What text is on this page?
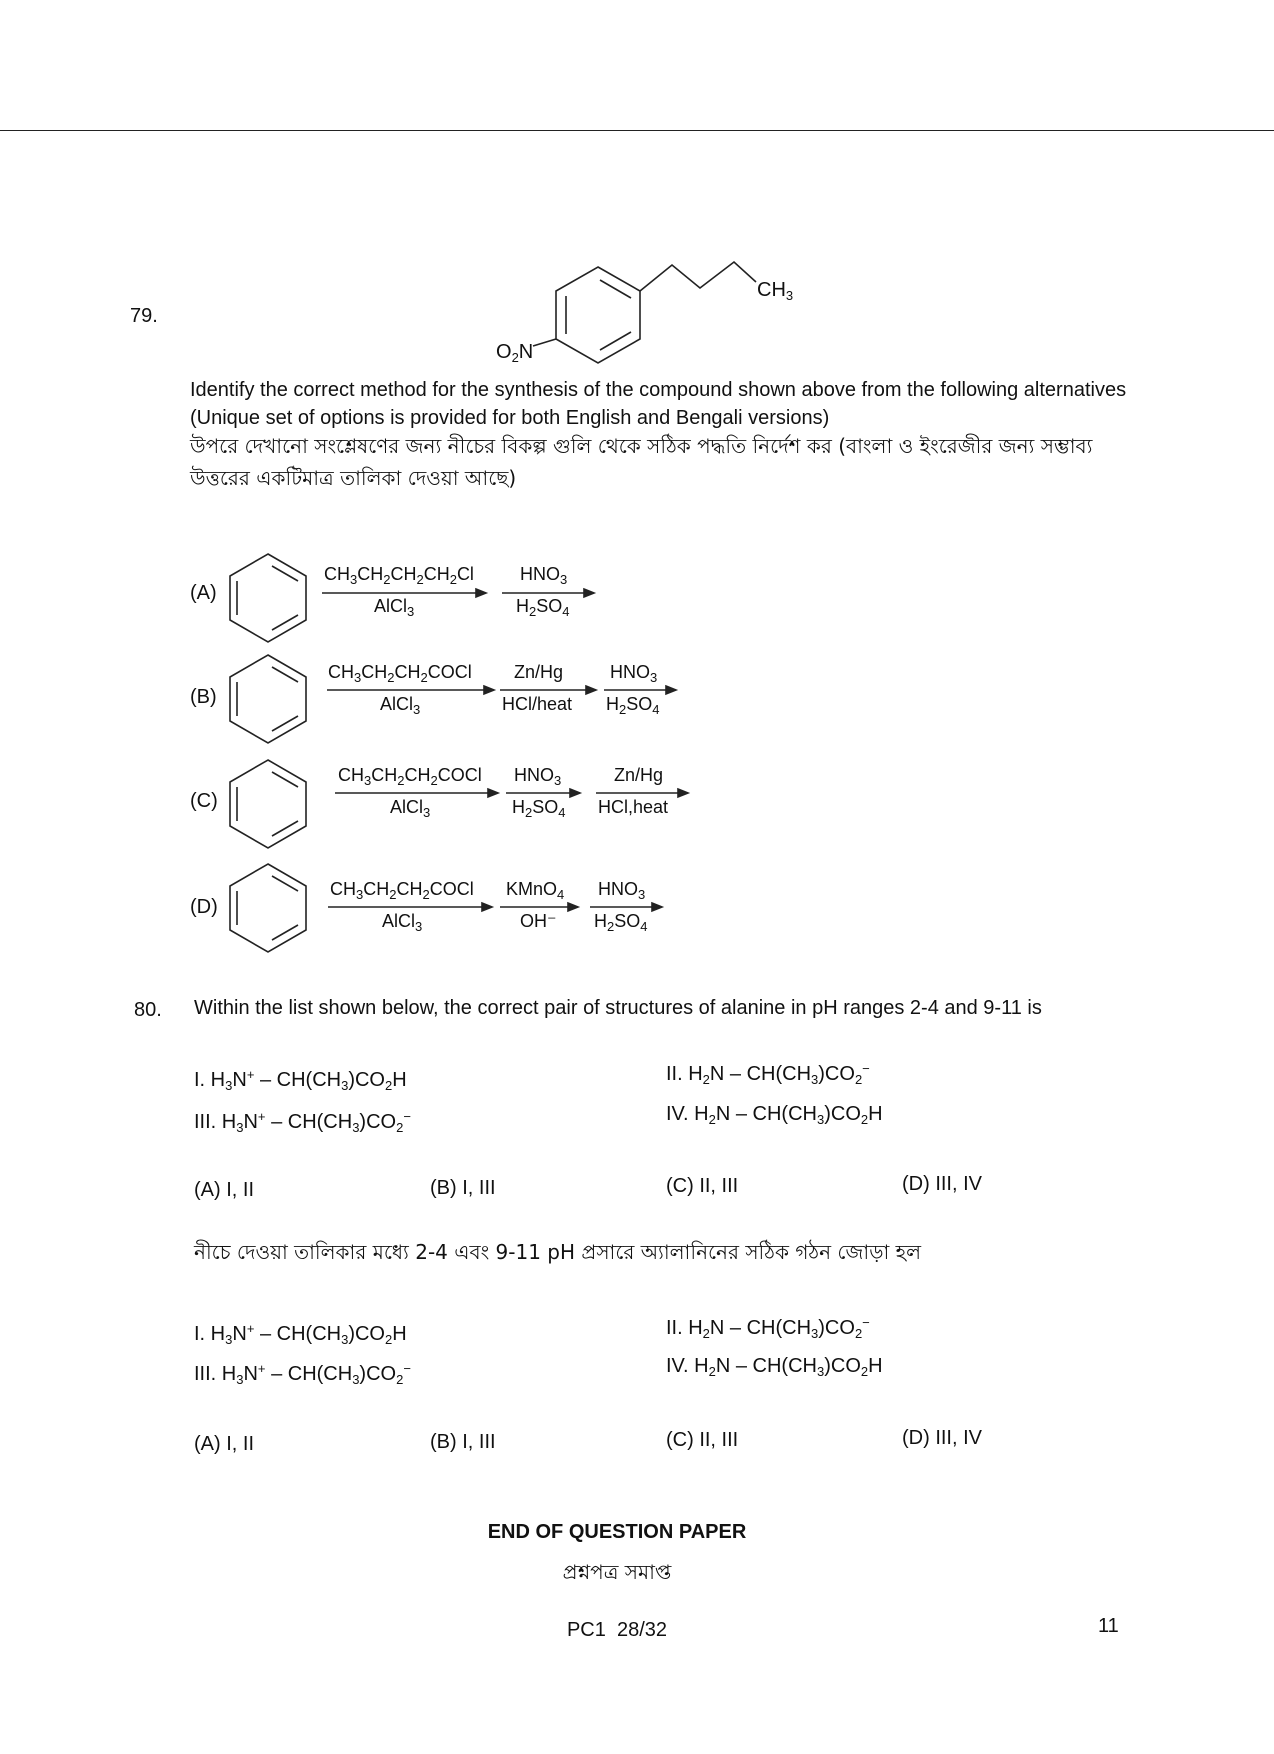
79.
$CH_3$
$O_2N$
Identify the correct method for the synthesis of the compound shown above from the following alternatives (Unique set of options is provided for both English and Bengali versions)
উপরে দেখানো সংশ্লেষণের জন্য নীচের বিকল্প গুলি থেকে সঠিক পদ্ধতি নির্দেশ কর (বাংলা ও ইংরেজীর জন্য সম্ভাব্য উত্তরের একটিমাত্র তালিকা দেওয়া আছে)
(A)
$CH_3CH_2CH_2CH_2Cl$
AlCl$_3$
$HNO_3$
$H_2SO_4$
(B)
$CH_3CH_2CH_2COCl$
AlCl$_3$
Zn/Hg
HCl/heat
$HNO_3$
$H_2SO_4$
(C)
$CH_3CH_2CH_2COCl$
AlCl$_3$
$HNO_3$
$H_2SO_4$
Zn/Hg
HCl,heat
(D)
$CH_3CH_2CH_2COCl$
AlCl$_3$
KMnO$_4$
OH⁻
$HNO_3$
$H_2SO_4$
80. Within the list shown below, the correct pair of structures of alanine in pH ranges 2-4 and 9-11 is
I. $H_3N^+ - CH(CH_3)CO_2H$	II. $H_2N - CH(CH_3)CO_2^-$
III. $H_3N^+ - CH(CH_3)CO_2^-$	IV. $H_2N - CH(CH_3)CO_2H$
(A) I, II	(B) I, III	(C) II, III	(D) III, IV
নীচে দেওয়া তালিকার মধ্যে 2-4 এবং 9-11 pH প্রসারে অ্যালানিনের সঠিক গঠন জোড়া হল
I. $H_3N^+ - CH(CH_3)CO_2H$	II. $H_2N - CH(CH_3)CO_2^-$
III. $H_3N^+ - CH(CH_3)CO_2^-$	IV. $H_2N - CH(CH_3)CO_2H$
(A) I, II	(B) I, III	(C) II, III	(D) III, IV
END OF QUESTION PAPER
প্রশ্নপত্র সমাপ্ত
PC1  28/32	11
